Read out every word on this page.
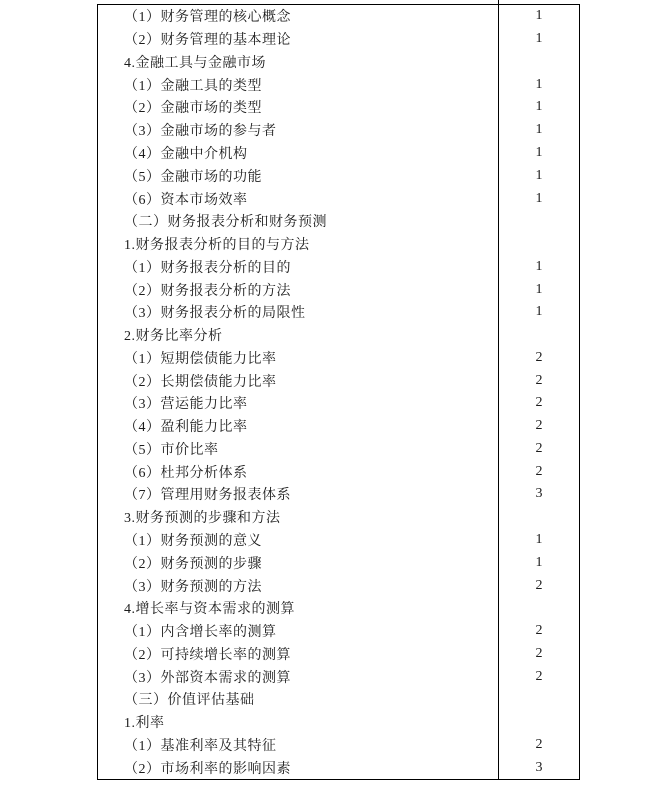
（1）财务管理的核心概念	1
（2）财务管理的基本理论	1
4.金融工具与金融市场
（1）金融工具的类型	1
（2）金融市场的类型	1
（3）金融市场的参与者	1
（4）金融中介机构	1
（5）金融市场的功能	1
（6）资本市场效率	1
（二）财务报表分析和财务预测
1.财务报表分析的目的与方法
（1）财务报表分析的目的	1
（2）财务报表分析的方法	1
（3）财务报表分析的局限性	1
2.财务比率分析
（1）短期偿债能力比率	2
（2）长期偿债能力比率	2
（3）营运能力比率	2
（4）盈利能力比率	2
（5）市价比率	2
（6）杜邦分析体系	2
（7）管理用财务报表体系	3
3.财务预测的步骤和方法
（1）财务预测的意义	1
（2）财务预测的步骤	1
（3）财务预测的方法	2
4.增长率与资本需求的测算
（1）内含增长率的测算	2
（2）可持续增长率的测算	2
（3）外部资本需求的测算	2
（三）价值评估基础
1.利率
（1）基准利率及其特征	2
（2）市场利率的影响因素	3
